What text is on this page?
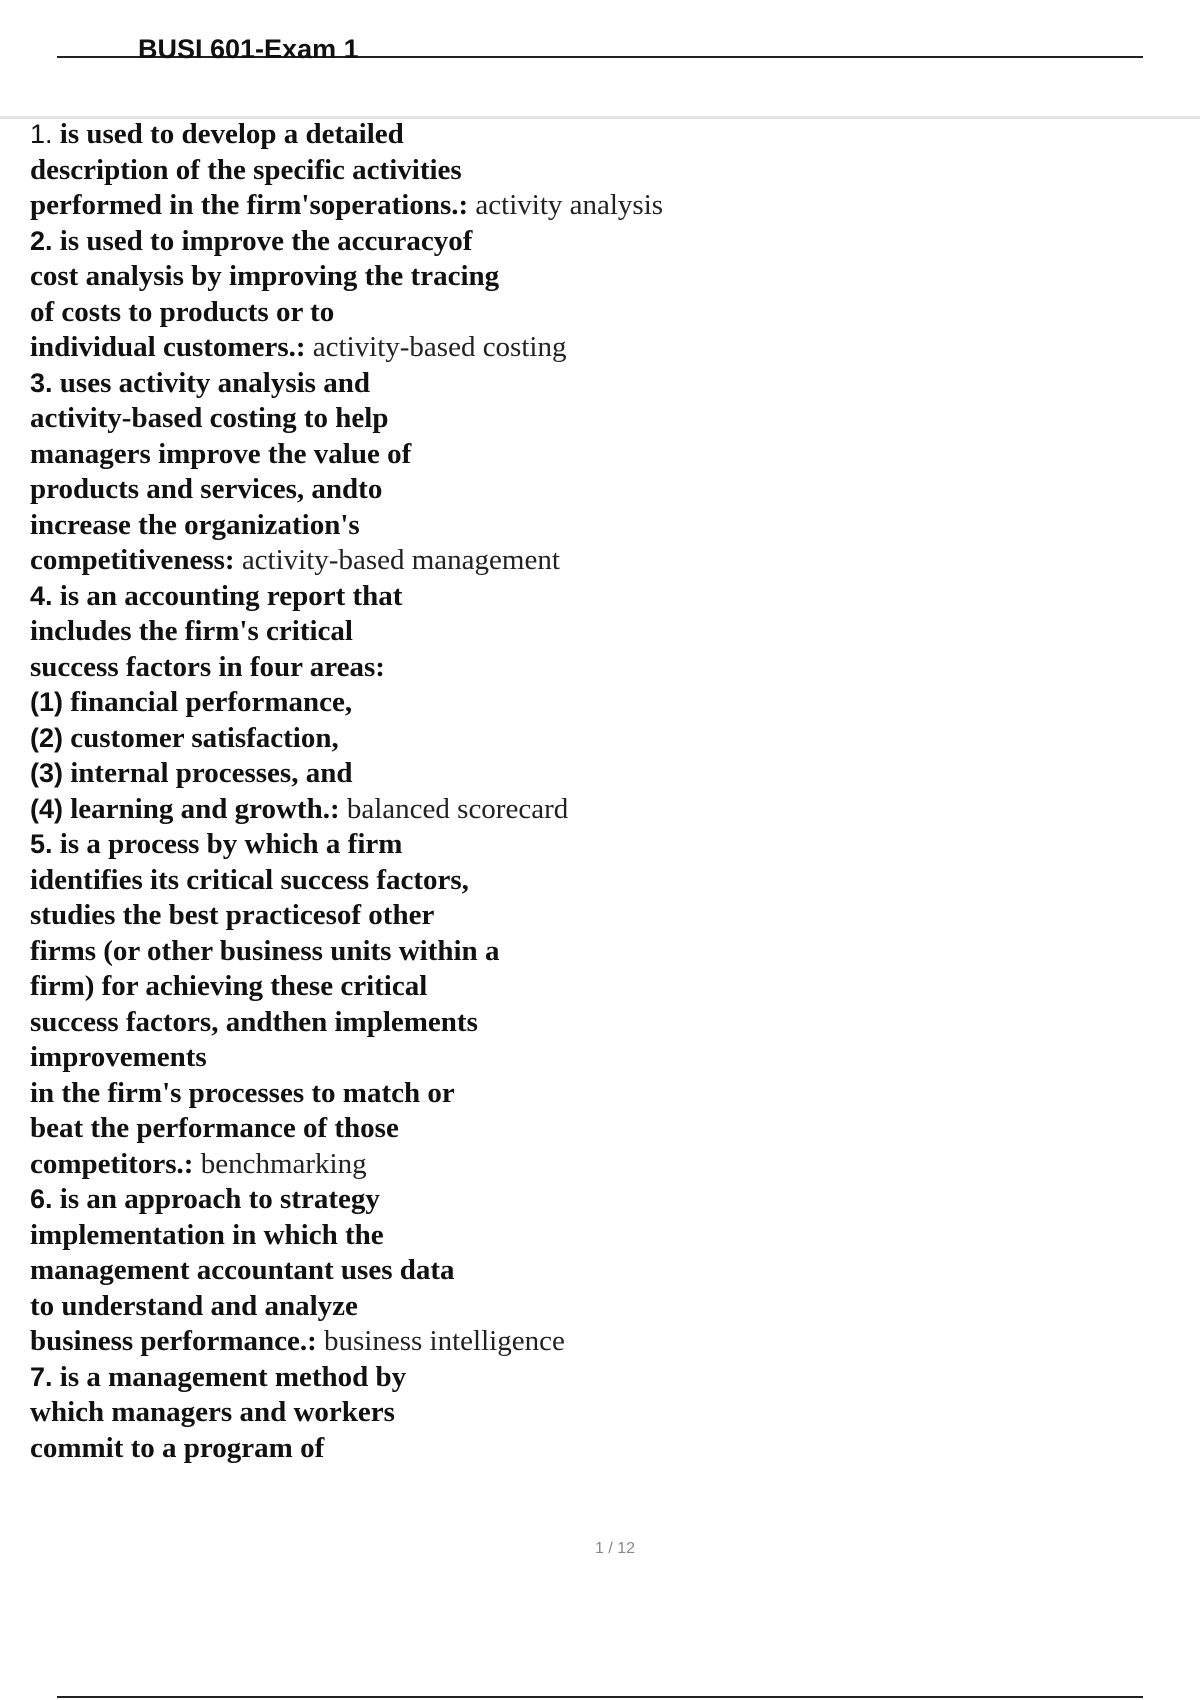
BUSI 601-Exam 1
1. is used to develop a detailed
description of the specific activities
performed in the firm'soperations.: activity analysis
2. is used to improve the accuracyof
cost analysis by improving the tracing
of costs to products or to
individual customers.: activity-based costing
3. uses activity analysis and
activity-based costing to help
managers improve the value of
products and services, andto
increase the organization's
competitiveness: activity-based management
4. is an accounting report that
includes the firm's critical
success factors in four areas:
(1) financial performance,
(2) customer satisfaction,
(3) internal processes, and
(4) learning and growth.: balanced scorecard
5. is a process by which a firm
identifies its critical success factors,
studies the best practicesof other
firms (or other business units within a
firm) for achieving these critical
success factors, andthen implements
improvements
in the firm's processes to match or
beat the performance of those
competitors.: benchmarking
6. is an approach to strategy
implementation in which the
management accountant uses data
to understand and analyze
business performance.: business intelligence
7. is a management method by
which managers and workers
commit to a program of
1 / 12
